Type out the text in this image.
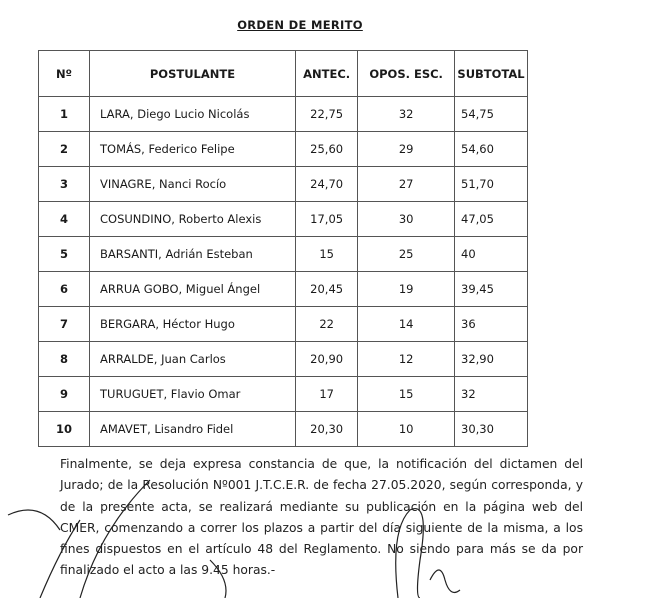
ORDEN DE MERITO
Nº	POSTULANTE	ANTEC.	OPOS. ESC.	SUBTOTAL
1	LARA, Diego Lucio Nicolás	22,75	32	54,75
2	TOMÁS, Federico Felipe	25,60	29	54,60
3	VINAGRE, Nanci Rocío	24,70	27	51,70
4	COSUNDINO, Roberto Alexis	17,05	30	47,05
5	BARSANTI, Adrián Esteban	15	25	40
6	ARRUA GOBO, Miguel Ángel	20,45	19	39,45
7	BERGARA, Héctor Hugo	22	14	36
8	ARRALDE, Juan Carlos	20,90	12	32,90
9	TURUGUET, Flavio Omar	17	15	32
10	AMAVET, Lisandro Fidel	20,30	10	30,30
Finalmente, se deja expresa constancia de que, la notificación del dictamen del Jurado; de la Resolución Nº001 J.T.C.E.R. de fecha 27.05.2020, según corresponda, y de la presente acta, se realizará mediante su publicación en la página web del CMER, comenzando a correr los plazos a partir del día siguiente de la misma, a los fines dispuestos en el artículo 48 del Reglamento. No siendo para más se da por finalizado el acto a las 9.45 horas.-
